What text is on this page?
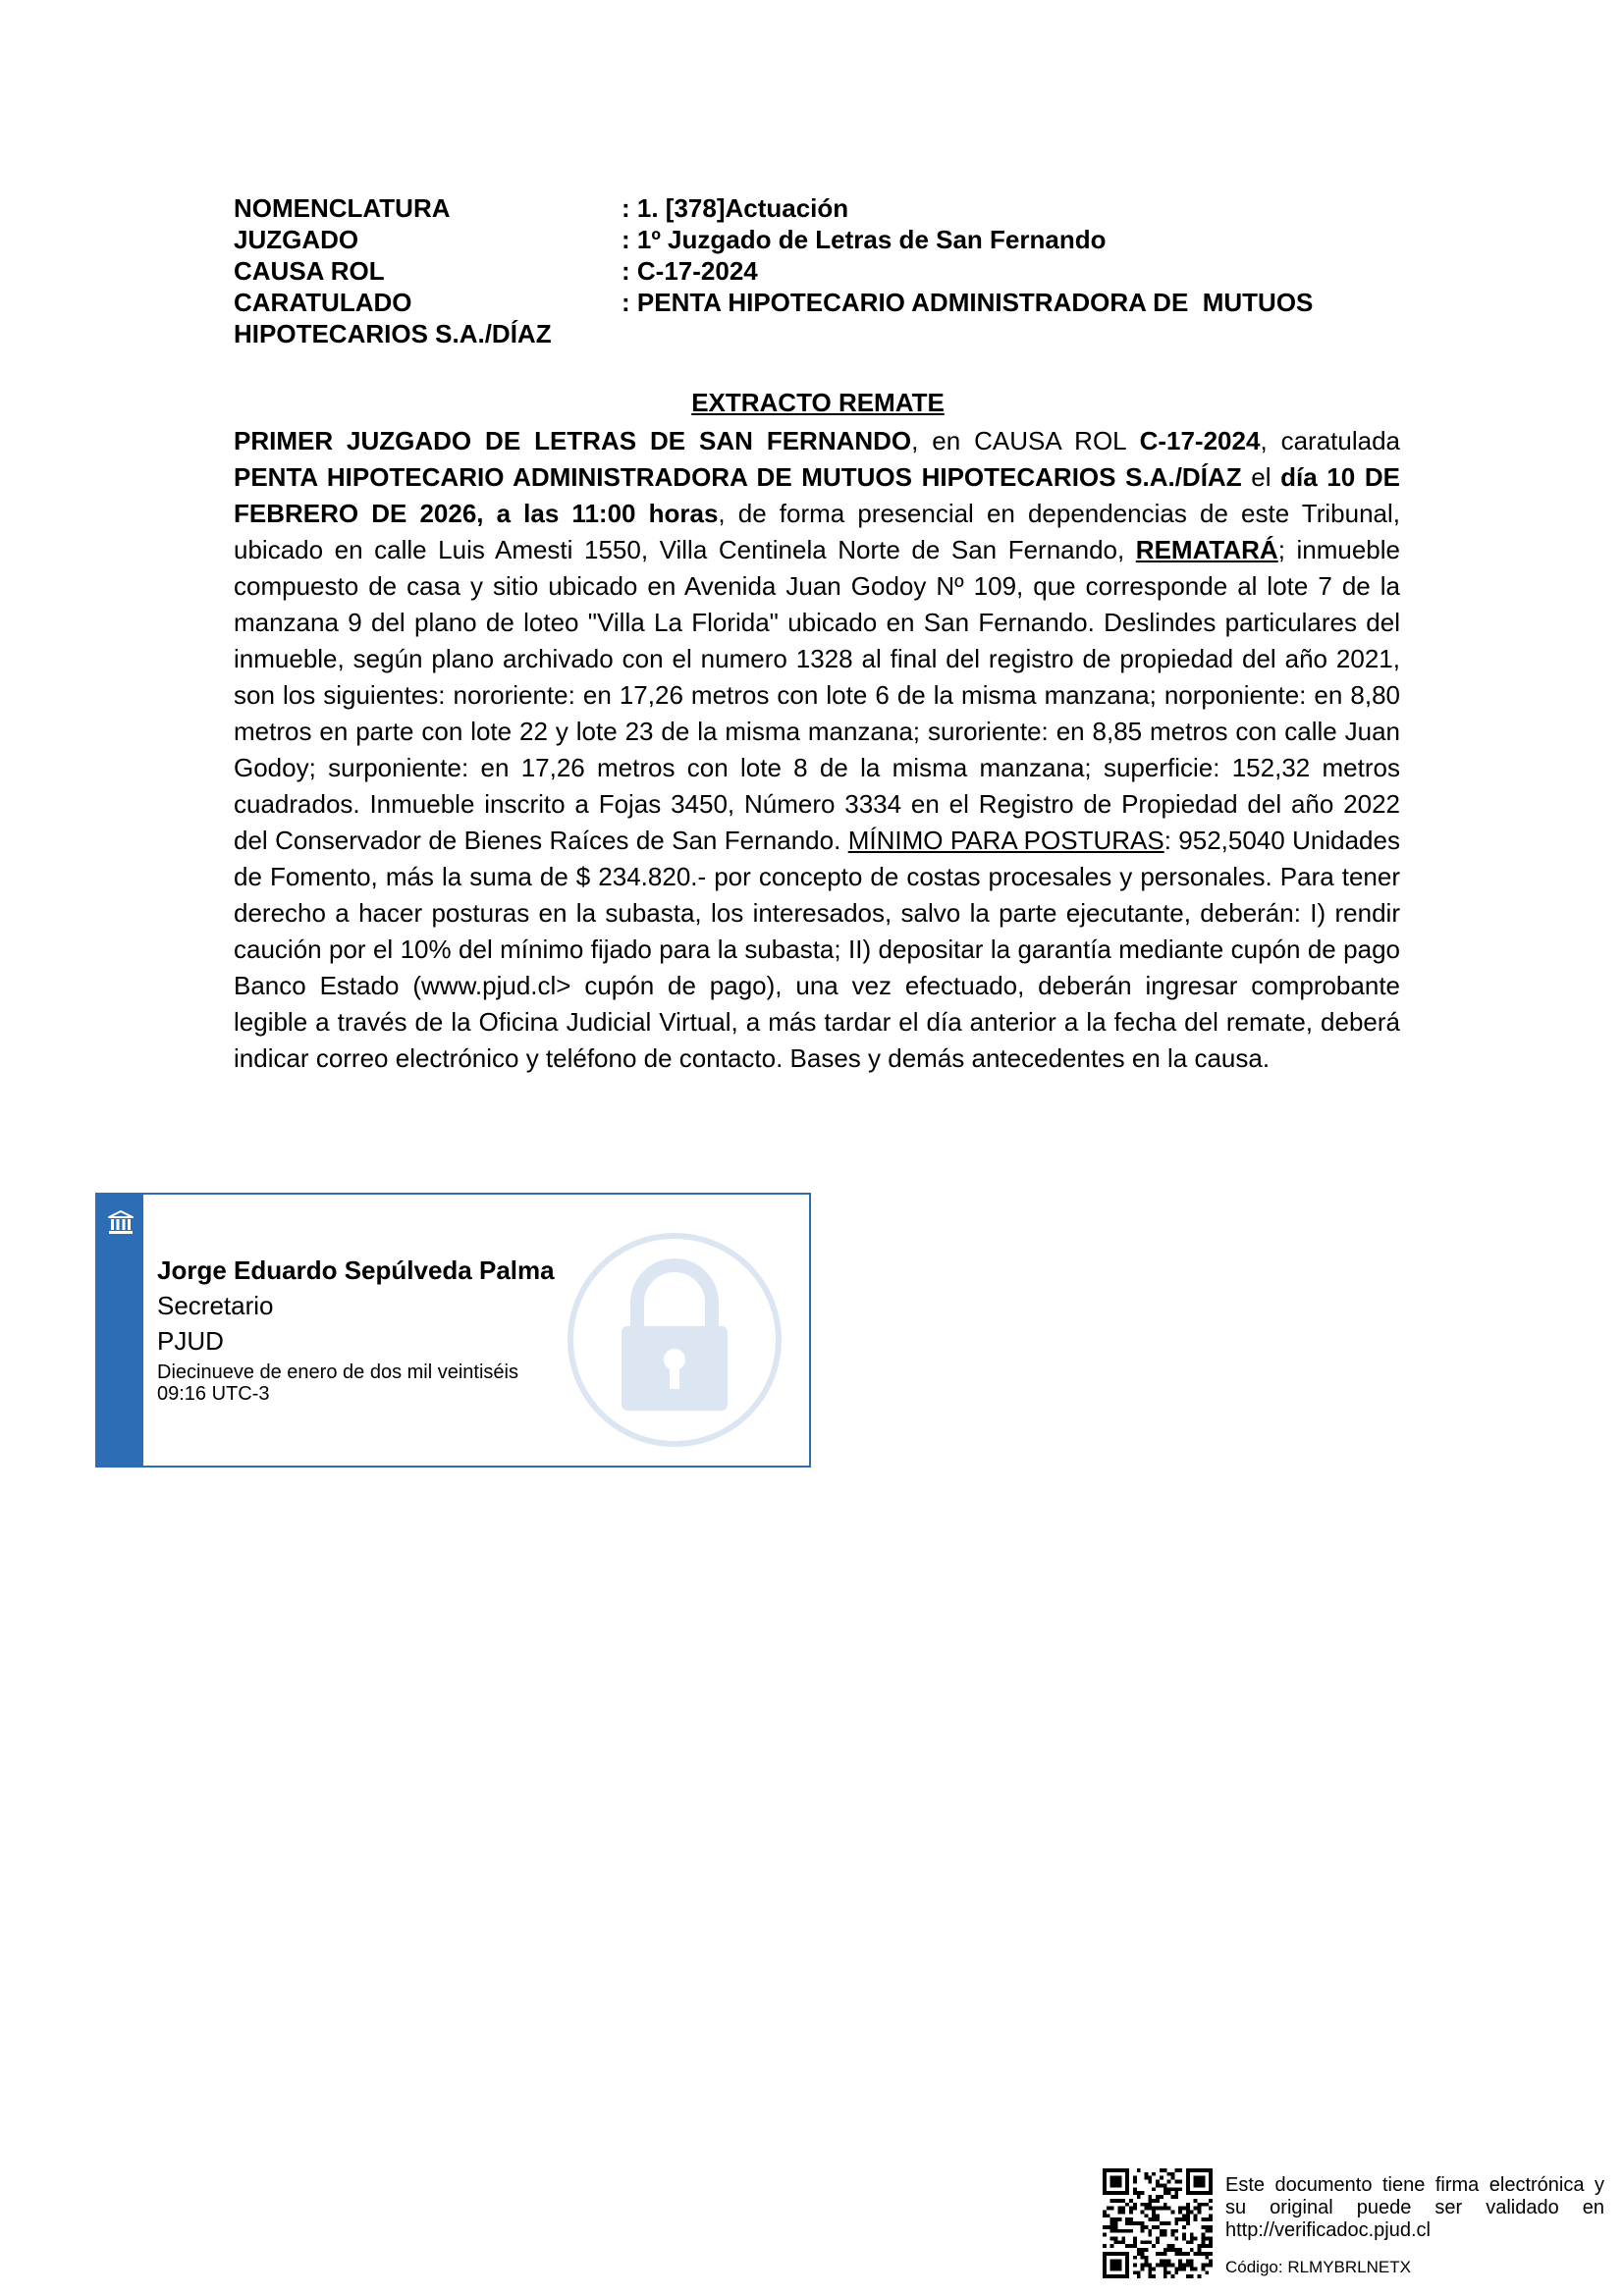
NOMENCLATURA	: 1. [378]Actuación
JUZGADO	: 1º Juzgado de Letras de San Fernando
CAUSA ROL	: C-17-2024
CARATULADO	: PENTA HIPOTECARIO ADMINISTRADORA DE  MUTUOS
HIPOTECARIOS S.A./DÍAZ
EXTRACTO REMATE
PRIMER JUZGADO DE LETRAS DE SAN FERNANDO, en CAUSA ROL C-17-2024, caratulada PENTA HIPOTECARIO ADMINISTRADORA DE MUTUOS HIPOTECARIOS S.A./DÍAZ el día 10 DE FEBRERO DE 2026, a las 11:00 horas, de forma presencial en dependencias de este Tribunal, ubicado en calle Luis Amesti 1550, Villa Centinela Norte de San Fernando, REMATARÁ; inmueble compuesto de casa y sitio ubicado en Avenida Juan Godoy Nº 109, que corresponde al lote 7 de la manzana 9 del plano de loteo "Villa La Florida" ubicado en San Fernando. Deslindes particulares del inmueble, según plano archivado con el numero 1328 al final del registro de propiedad del año 2021, son los siguientes: nororiente: en 17,26 metros con lote 6 de la misma manzana; norponiente: en 8,80 metros en parte con lote 22 y lote 23 de la misma manzana; suroriente: en 8,85 metros con calle Juan Godoy; surponiente: en 17,26 metros con lote 8 de la misma manzana; superficie: 152,32 metros cuadrados. Inmueble inscrito a Fojas 3450, Número 3334 en el Registro de Propiedad del año 2022 del Conservador de Bienes Raíces de San Fernando. MÍNIMO PARA POSTURAS: 952,5040 Unidades de Fomento, más la suma de $ 234.820.- por concepto de costas procesales y personales. Para tener derecho a hacer posturas en la subasta, los interesados, salvo la parte ejecutante, deberán: I) rendir caución por el 10% del mínimo fijado para la subasta; II) depositar la garantía mediante cupón de pago Banco Estado (www.pjud.cl> cupón de pago), una vez efectuado, deberán ingresar comprobante legible a través de la Oficina Judicial Virtual, a más tardar el día anterior a la fecha del remate, deberá indicar correo electrónico y teléfono de contacto. Bases y demás antecedentes en la causa.
Jorge Eduardo Sepúlveda Palma
Secretario
PJUD
Diecinueve de enero de dos mil veintiséis
09:16 UTC-3
Este documento tiene firma electrónica y su original puede ser validado en http://verificadoc.pjud.cl
Código: RLMYBRLNETX
